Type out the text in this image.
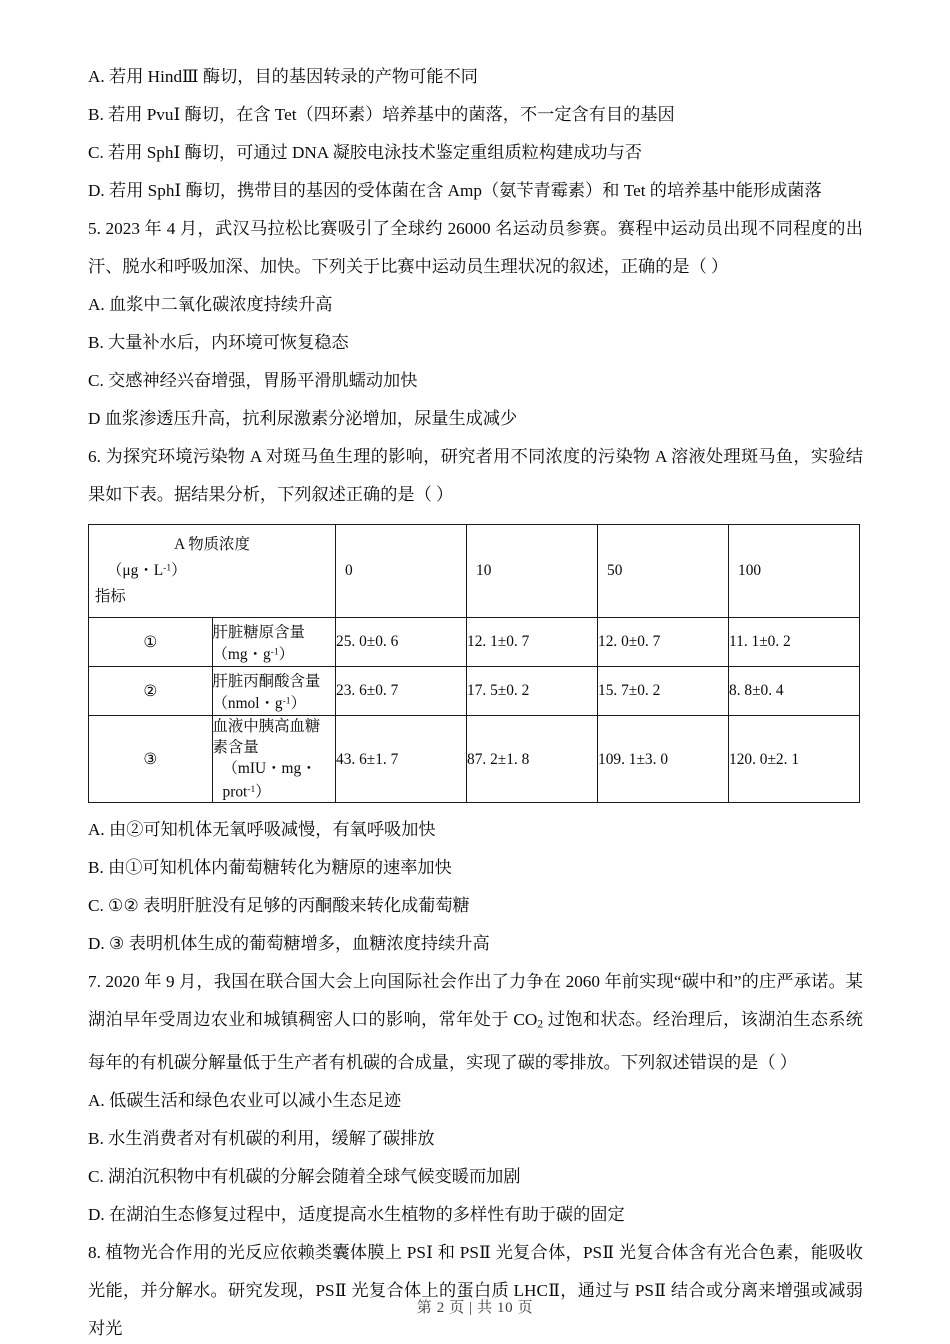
A. 若用 HindⅢ 酶切，目的基因转录的产物可能不同

B. 若用 PvuⅠ 酶切，在含 Tet（四环素）培养基中的菌落，不一定含有目的基因

C. 若用 SphⅠ 酶切，可通过 DNA 凝胶电泳技术鉴定重组质粒构建成功与否

D. 若用 SphⅠ 酶切，携带目的基因的受体菌在含 Amp（氨苄青霉素）和 Tet 的培养基中能形成菌落

5. 2023 年 4 月，武汉马拉松比赛吸引了全球约 26000 名运动员参赛。赛程中运动员出现不同程度的出汗、脱水和呼吸加深、加快。下列关于比赛中运动员生理状况的叙述，正确的是（ ）

A. 血浆中二氧化碳浓度持续升高

B. 大量补水后，内环境可恢复稳态

C. 交感神经兴奋增强，胃肠平滑肌蠕动加快

D 血浆渗透压升高，抗利尿激素分泌增加，尿量生成减少

6. 为探究环境污染物 A 对斑马鱼生理的影响，研究者用不同浓度的污染物 A 溶液处理斑马鱼，实验结果如下表。据结果分析，下列叙述正确的是（ ）

A 物质浓度
（μg・$L^{-1}$）
指标		0	10	50	100
①	肝脏糖原含量（mg・$g^{-1}$）	25. 0±0. 6	12. 1±0. 7	12. 0±0. 7	11. 1±0. 2
②	肝脏丙酮酸含量（nmol・$g^{-1}$）	23. 6±0. 7	17. 5±0. 2	15. 7±0. 2	8. 8±0. 4
③	血液中胰高血糖素含量
（mIU・mg・prot$^{-1}$）	43. 6±1. 7	87. 2±1. 8	109. 1±3. 0	120. 0±2. 1

A. 由②可知机体无氧呼吸减慢，有氧呼吸加快

B. 由①可知机体内葡萄糖转化为糖原的速率加快

C. ①② 表明肝脏没有足够的丙酮酸来转化成葡萄糖

D. ③ 表明机体生成的葡萄糖增多，血糖浓度持续升高

7. 2020 年 9 月，我国在联合国大会上向国际社会作出了力争在 2060 年前实现“碳中和”的庄严承诺。某湖泊早年受周边农业和城镇稠密人口的影响，常年处于 $CO_2$ 过饱和状态。经治理后，该湖泊生态系统每年的有机碳分解量低于生产者有机碳的合成量，实现了碳的零排放。下列叙述错误的是（ ）

A. 低碳生活和绿色农业可以减小生态足迹

B. 水生消费者对有机碳的利用，缓解了碳排放

C. 湖泊沉积物中有机碳的分解会随着全球气候变暖而加剧

D. 在湖泊生态修复过程中，适度提高水生植物的多样性有助于碳的固定

8. 植物光合作用的光反应依赖类囊体膜上 PSⅠ 和 PSⅡ 光复合体，PSⅡ 光复合体含有光合色素，能吸收光能，并分解水。研究发现，PSⅡ 光复合体上的蛋白质 LHCⅡ，通过与 PSⅡ 结合或分离来增强或减弱对光

第 2 页 | 共 10 页
